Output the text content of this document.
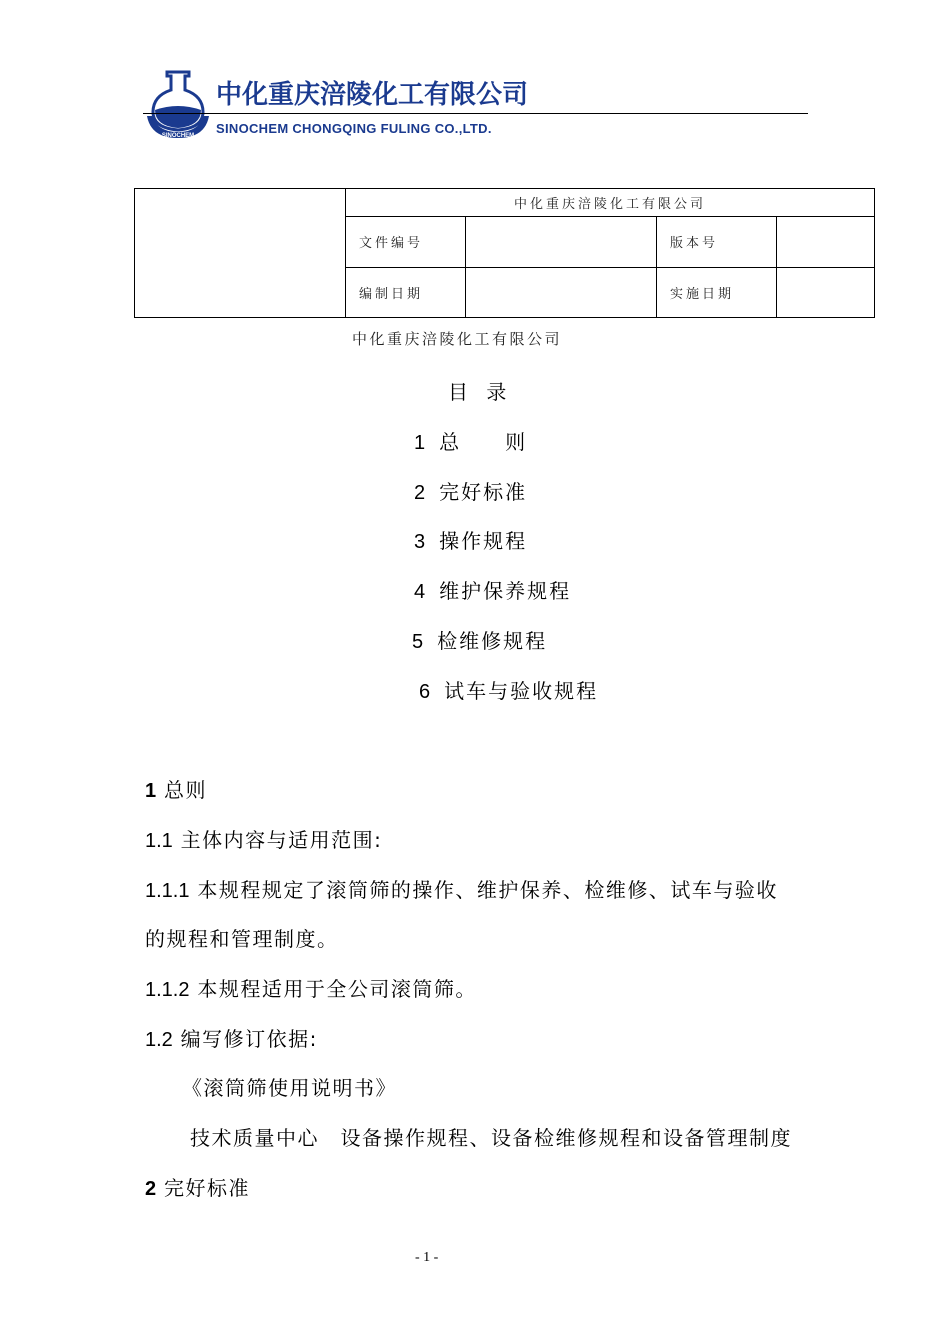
SINOCHEM
中化重庆涪陵化工有限公司
SINOCHEM CHONGQING FULING CO.,LTD.
	中化重庆涪陵化工有限公司			
	文件编号		版本号	
	编制日期		实施日期	
中化重庆涪陵化工有限公司
目 录
1 总　　则
2 完好标准
3 操作规程
4 维护保养规程
5 检维修规程
6 试车与验收规程
1 总则
1.1 主体内容与适用范围:
1.1.1 本规程规定了滚筒筛的操作、维护保养、检维修、试车与验收
的规程和管理制度。
1.1.2 本规程适用于全公司滚筒筛。
1.2 编写修订依据:
《滚筒筛使用说明书》
技术质量中心　设备操作规程、设备检维修规程和设备管理制度
2 完好标准
- 1 -
